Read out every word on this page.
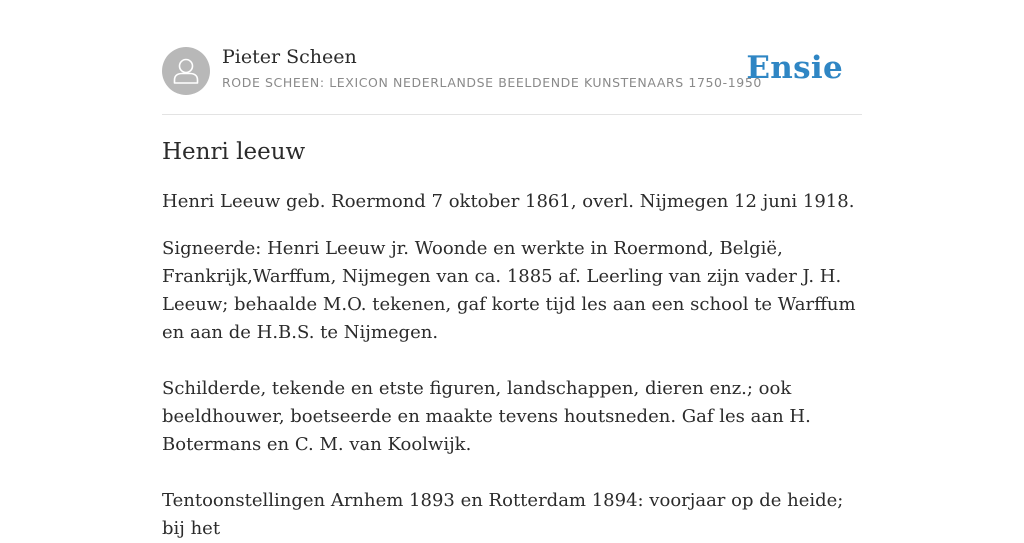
Pieter Scheen
RODE SCHEEN: LEXICON NEDERLANDSE BEELDENDE KUNSTENAARS 1750-1950
Ensie
Henri leeuw

Henri Leeuw geb. Roermond 7 oktober 1861, overl. Nijmegen 12 juni 1918.

Signeerde: Henri Leeuw jr. Woonde en werkte in Roermond, België, Frankrijk,Warffum, Nijmegen van ca. 1885 af. Leerling van zijn vader J. H. Leeuw; behaalde M.O. tekenen, gaf korte tijd les aan een school te Warffum en aan de H.B.S. te Nijmegen.

Schilderde, tekende en etste figuren, landschappen, dieren enz.; ook beeldhouwer, boetseerde en maakte tevens houtsneden. Gaf les aan H. Botermans en C. M. van Koolwijk.

Tentoonstellingen Arnhem 1893 en Rotterdam 1894: voorjaar op de heide; bij het
